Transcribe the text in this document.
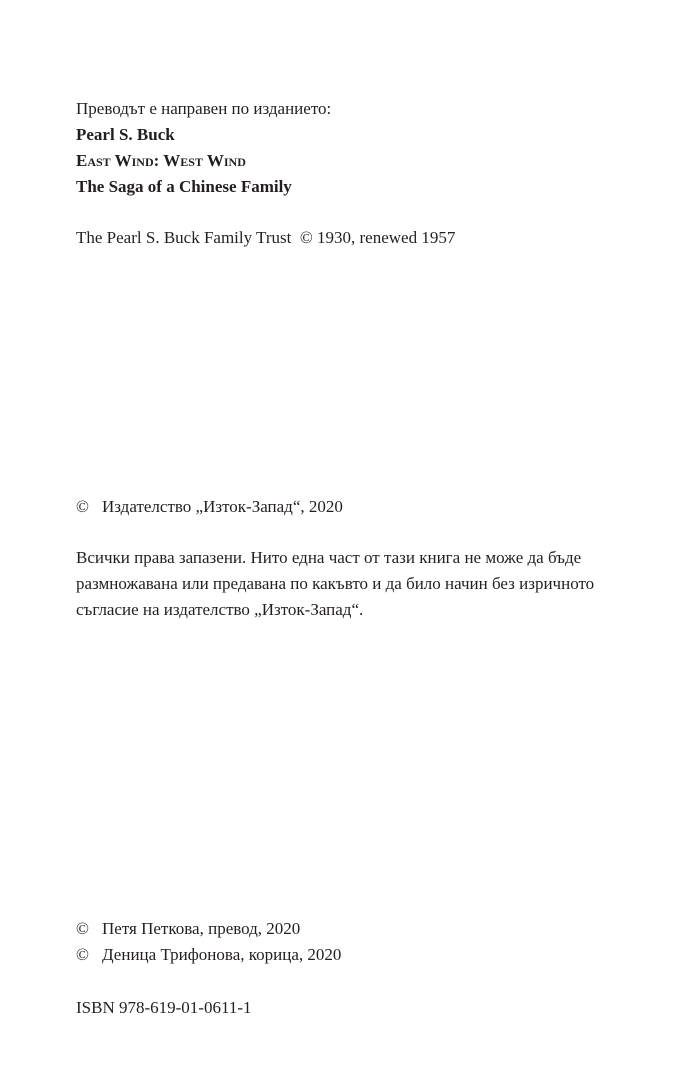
Преводът е направен по изданието:
Pearl S. Buck
East Wind: West Wind
The Saga of a Chinese Family
The Pearl S. Buck Family Trust  © 1930, renewed 1957
© Издателство „Изток-Запад“, 2020
Всички права запазени. Нито една част от тази книга не може да бъде размножавана или предавана по какъвто и да било начин без изричното съгласие на издателство „Изток-Запад“.
© Петя Петкова, превод, 2020
© Деница Трифонова, корица, 2020
ISBN 978-619-01-0611-1
